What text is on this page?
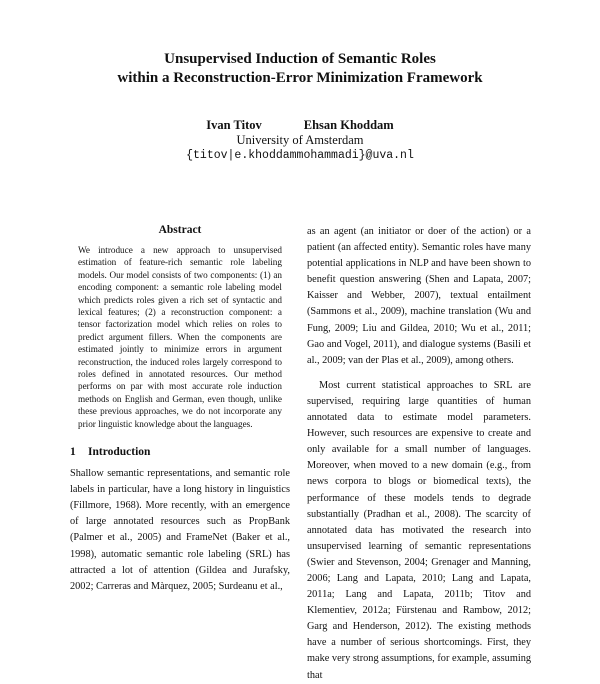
Unsupervised Induction of Semantic Roles
within a Reconstruction-Error Minimization Framework
Ivan Titov	Ehsan Khoddam
University of Amsterdam
{titov|e.khoddammohammadi}@uva.nl
Abstract

We introduce a new approach to unsupervised estimation of feature-rich semantic role labeling models. Our model consists of two components: (1) an encoding component: a semantic role labeling model which predicts roles given a rich set of syntactic and lexical features; (2) a reconstruction component: a tensor factorization model which relies on roles to predict argument fillers. When the components are estimated jointly to minimize errors in argument reconstruction, the induced roles largely correspond to roles defined in annotated resources. Our method performs on par with most accurate role induction methods on English and German, even though, unlike these previous approaches, we do not incorporate any prior linguistic knowledge about the languages.

1 Introduction

Shallow semantic representations, and semantic role labels in particular, have a long history in linguistics (Fillmore, 1968). More recently, with an emergence of large annotated resources such as PropBank (Palmer et al., 2005) and FrameNet (Baker et al., 1998), automatic semantic role labeling (SRL) has attracted a lot of attention (Gildea and Jurafsky, 2002; Carreras and Màrquez, 2005; Surdeanu et al.,

as an agent (an initiator or doer of the action) or a patient (an affected entity). Semantic roles have many potential applications in NLP and have been shown to benefit question answering (Shen and Lapata, 2007; Kaisser and Webber, 2007), textual entailment (Sammons et al., 2009), machine translation (Wu and Fung, 2009; Liu and Gildea, 2010; Wu et al., 2011; Gao and Vogel, 2011), and dialogue systems (Basili et al., 2009; van der Plas et al., 2009), among others.

Most current statistical approaches to SRL are supervised, requiring large quantities of human annotated data to estimate model parameters. However, such resources are expensive to create and only available for a small number of languages. Moreover, when moved to a new domain (e.g., from news corpora to blogs or biomedical texts), the performance of these models tends to degrade substantially (Pradhan et al., 2008). The scarcity of annotated data has motivated the research into unsupervised learning of semantic representations (Swier and Stevenson, 2004; Grenager and Manning, 2006; Lang and Lapata, 2010; Lang and Lapata, 2011a; Lang and Lapata, 2011b; Titov and Klementiev, 2012a; Fürstenau and Rambow, 2012; Garg and Henderson, 2012). The existing methods have a number of serious shortcomings. First, they make very strong assumptions, for example, assuming that
